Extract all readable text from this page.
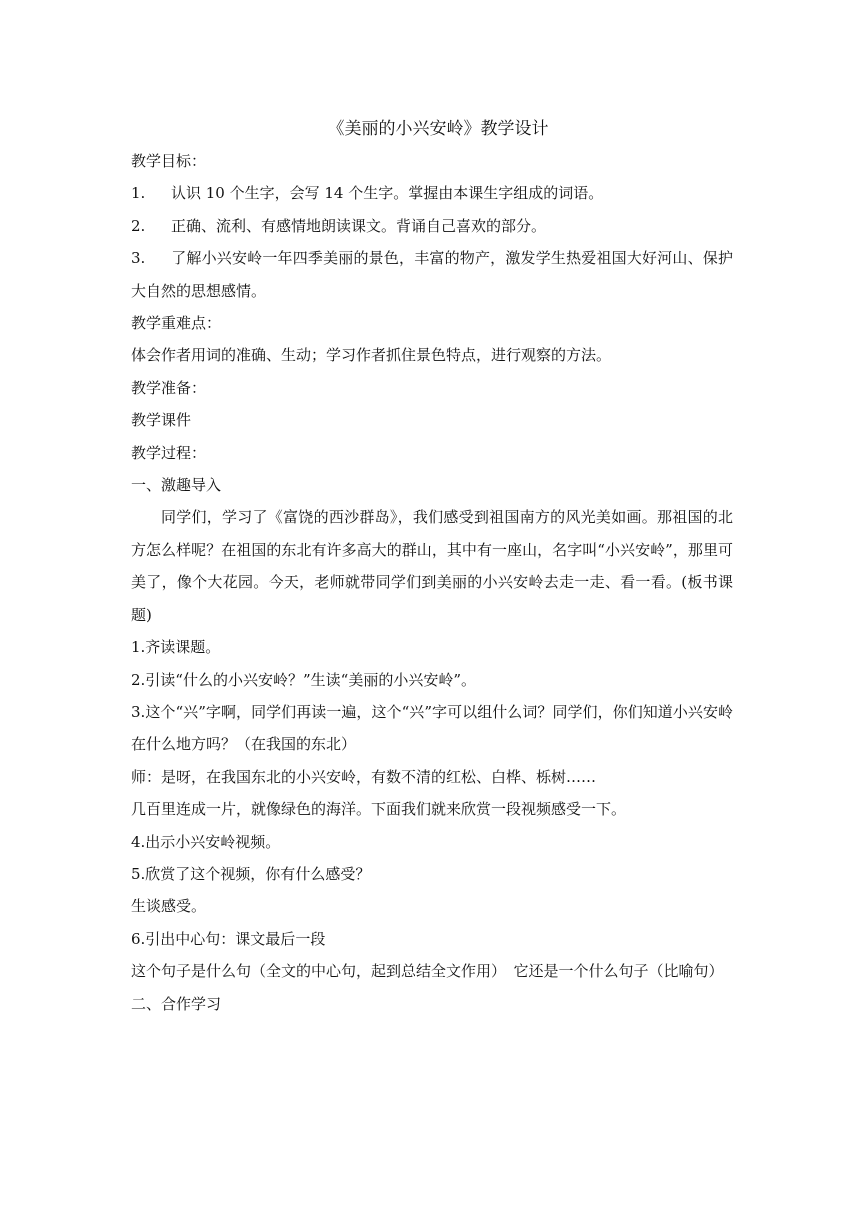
《美丽的小兴安岭》教学设计

教学目标：

1. 认识 10 个生字，会写 14 个生字。掌握由本课生字组成的词语。

2. 正确、流利、有感情地朗读课文。背诵自己喜欢的部分。

3. 了解小兴安岭一年四季美丽的景色，丰富的物产，激发学生热爱祖国大好河山、保护大自然的思想感情。

教学重难点：

体会作者用词的准确、生动；学习作者抓住景色特点，进行观察的方法。

教学准备：

教学课件

教学过程：

一、激趣导入

同学们，学习了《富饶的西沙群岛》，我们感受到祖国南方的风光美如画。那祖国的北方怎么样呢？在祖国的东北有许多高大的群山，其中有一座山，名字叫“小兴安岭”，那里可美了，像个大花园。今天，老师就带同学们到美丽的小兴安岭去走一走、看一看。(板书课题)

1.齐读课题。

2.引读“什么的小兴安岭？”生读“美丽的小兴安岭”。

3.这个“兴”字啊，同学们再读一遍，这个“兴”字可以组什么词？同学们，你们知道小兴安岭在什么地方吗？（在我国的东北）

师：是呀，在我国东北的小兴安岭，有数不清的红松、白桦、栎树……

几百里连成一片，就像绿色的海洋。下面我们就来欣赏一段视频感受一下。

4.出示小兴安岭视频。

5.欣赏了这个视频，你有什么感受？

生谈感受。

6.引出中心句：课文最后一段

这个句子是什么句（全文的中心句，起到总结全文作用）　它还是一个什么句子（比喻句）

二、合作学习
